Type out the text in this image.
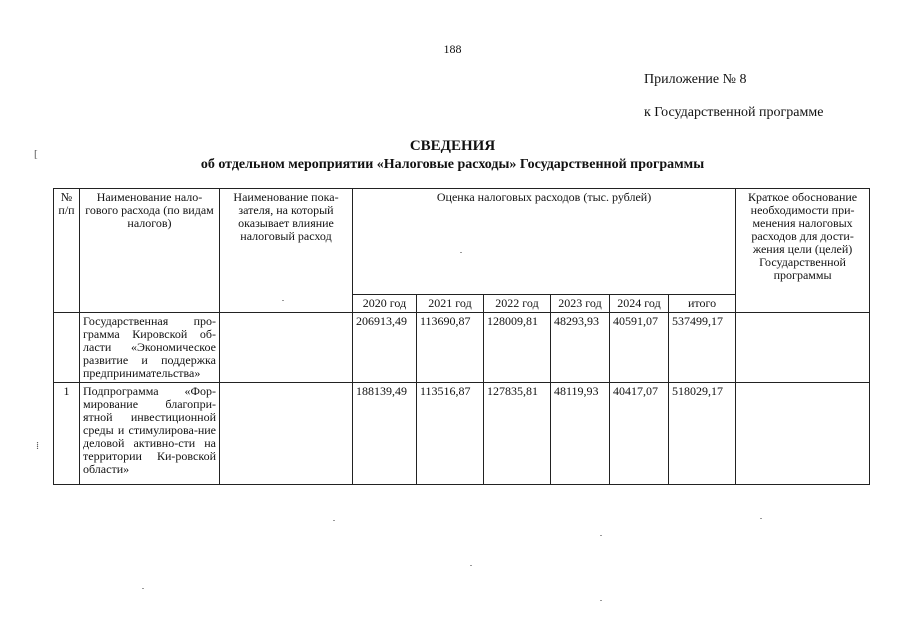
188
Приложение № 8
к Государственной программе
[
⁞
СВЕДЕНИЯ
об отдельном мероприятии «Налоговые расходы» Государственной программы
№ п/п	Наименование нало-гового расхода (по видам налогов)	Наименование пока-зателя, на который оказывает влияние налоговый расход	Оценка налоговых расходов (тыс. рублей)						Краткое обоснование необходимости при-менения налоговых расходов для дости-жения цели (целей) Государственной программы
			2020 год	2021 год	2022 год	2023 год	2024 год	итого	
	Государственная про-грамма Кировской об-ласти «Экономическое развитие и поддержка предпринимательства»		206913,49	113690,87	128009,81	48293,93	40591,07	537499,17	
1	Подпрограмма «Фор-мирование благопри-ятной инвестиционной среды и стимулирова-ние деловой активно-сти на территории Ки-ровской области»		188139,49	113516,87	127835,81	48119,93	40417,07	518029,17	
